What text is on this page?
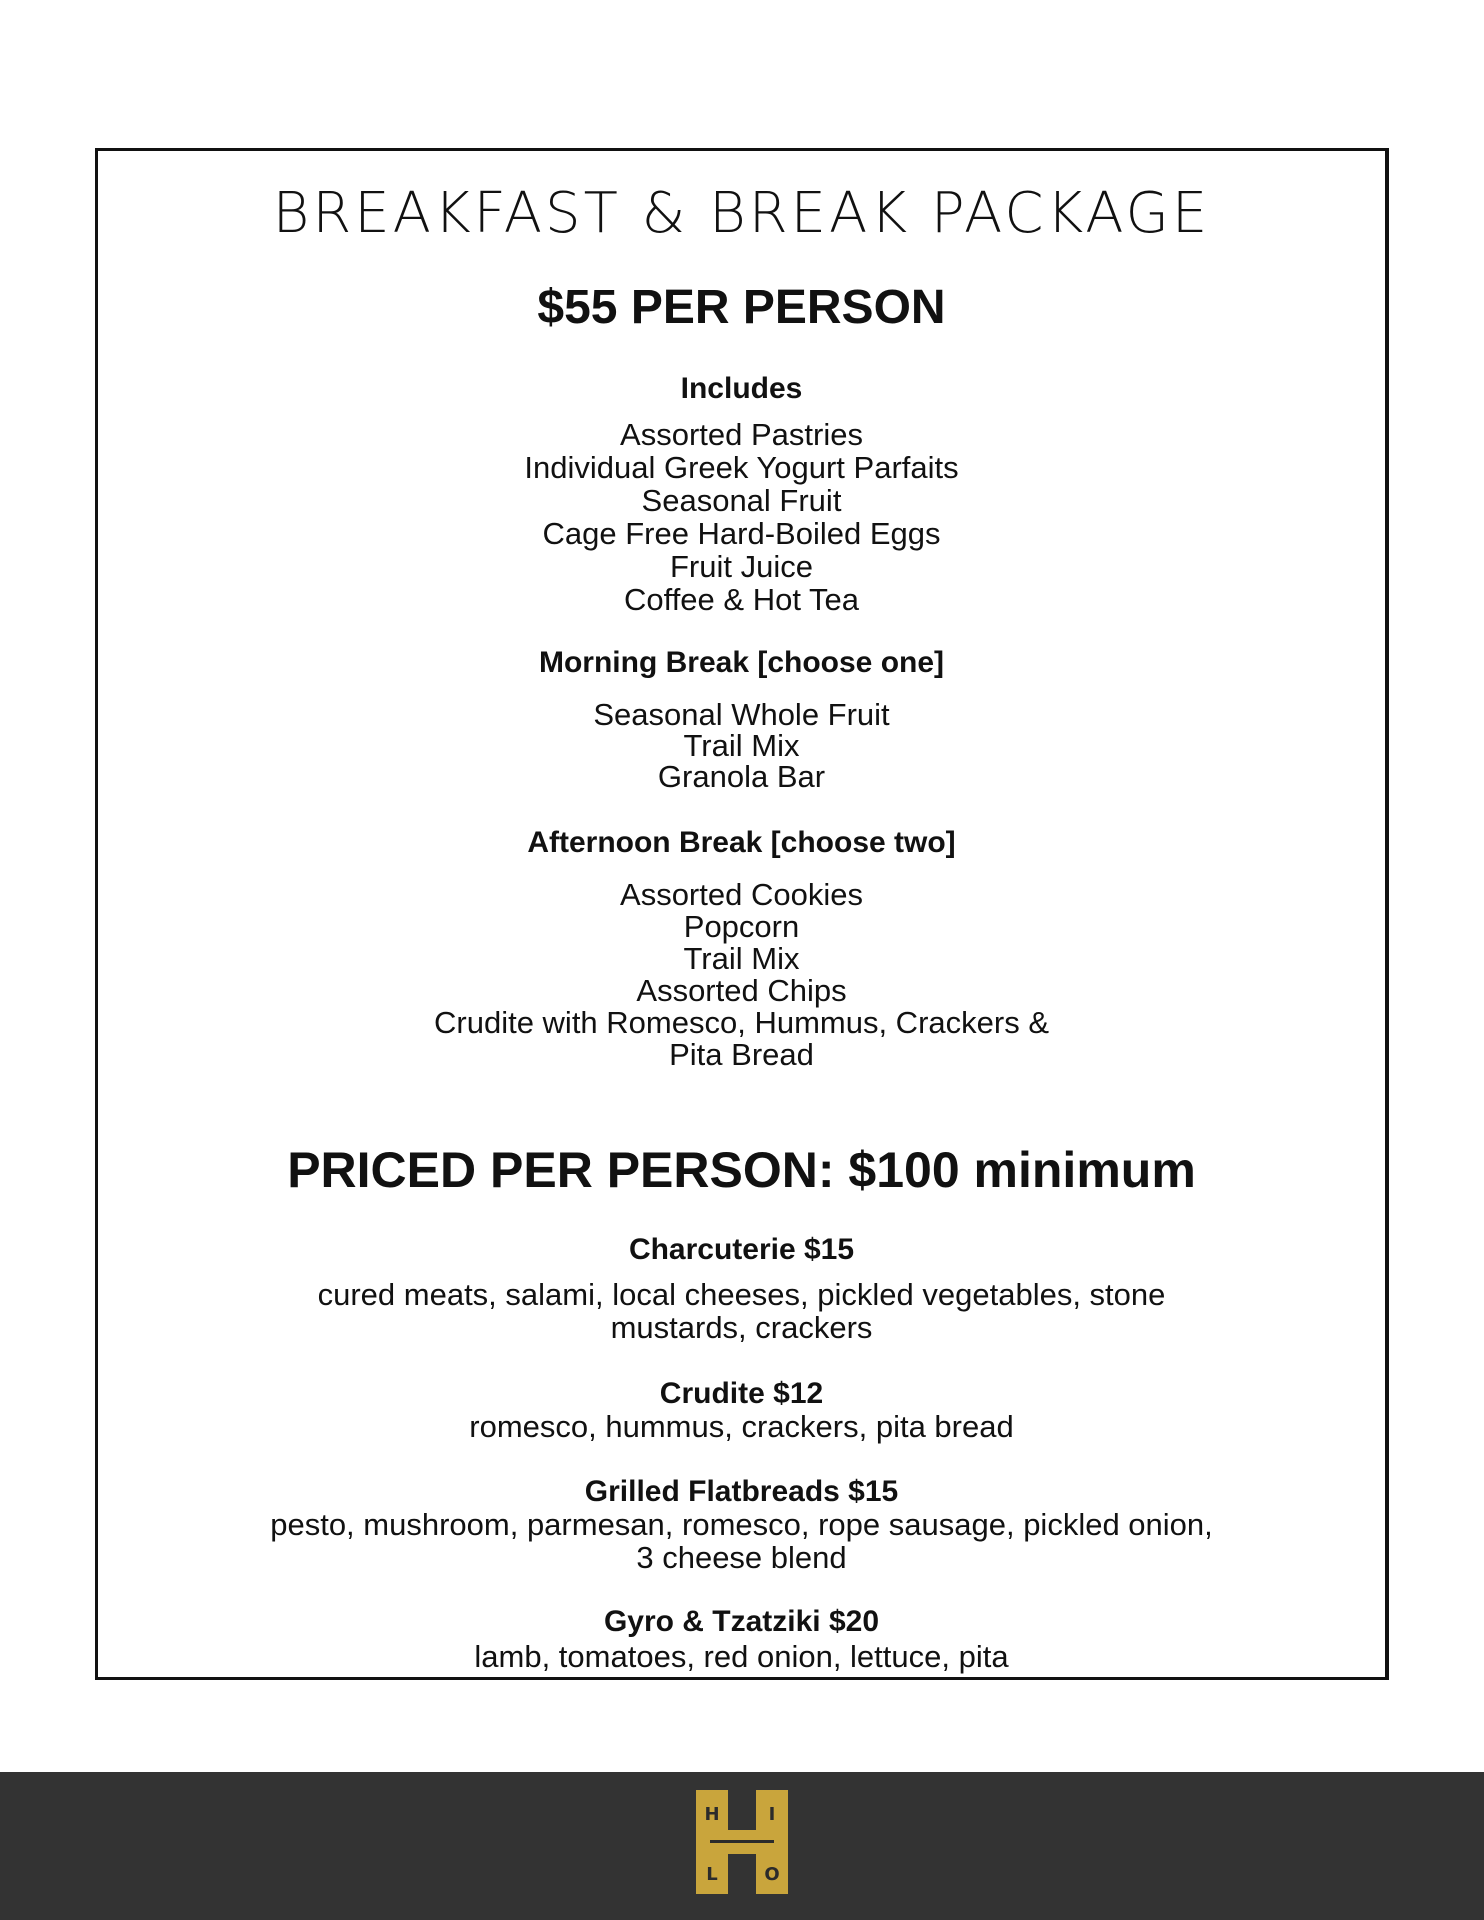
BREAKFAST & BREAK PACKAGE
$55 PER PERSON
Includes
Assorted Pastries
Individual Greek Yogurt Parfaits
Seasonal Fruit
Cage Free Hard-Boiled Eggs
Fruit Juice
Coffee & Hot Tea
Morning Break [choose one]
Seasonal Whole Fruit
Trail Mix
Granola Bar
Afternoon Break [choose two]
Assorted Cookies
Popcorn
Trail Mix
Assorted Chips
Crudite with Romesco, Hummus, Crackers &
Pita Bread
PRICED PER PERSON: $100 minimum
Charcuterie $15
cured meats, salami, local cheeses, pickled vegetables, stone
mustards, crackers
Crudite $12
romesco, hummus, crackers, pita bread
Grilled Flatbreads $15
pesto, mushroom, parmesan, romesco, rope sausage, pickled onion,
3 cheese blend
Gyro & Tzatziki $20
lamb, tomatoes, red onion, lettuce, pita
H	I
L	O
